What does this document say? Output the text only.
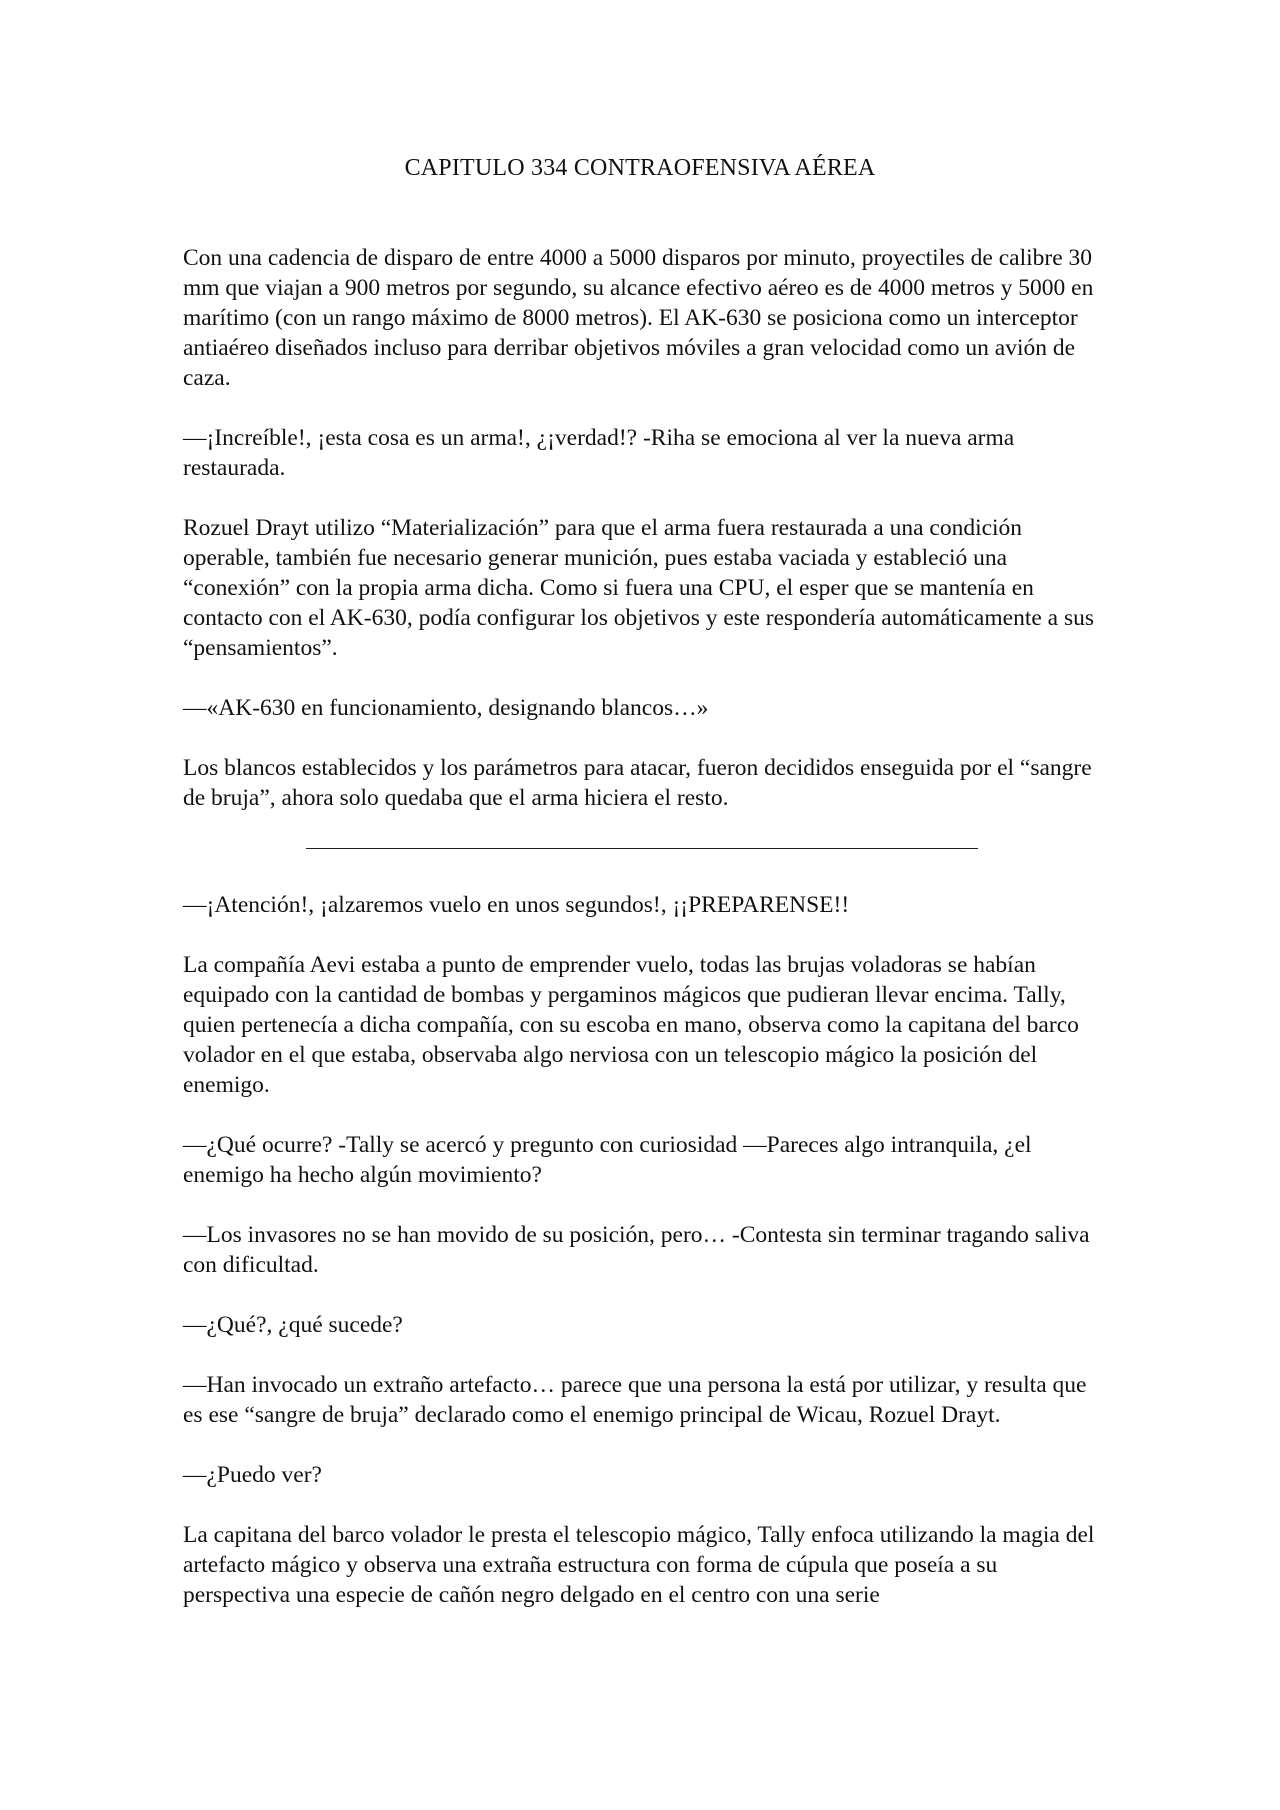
CAPITULO 334 CONTRAOFENSIVA AÉREA

Con una cadencia de disparo de entre 4000 a 5000 disparos por minuto, proyectiles de calibre 30 mm que viajan a 900 metros por segundo, su alcance efectivo aéreo es de 4000 metros y 5000 en marítimo (con un rango máximo de 8000 metros). El AK-630 se posiciona como un interceptor antiaéreo diseñados incluso para derribar objetivos móviles a gran velocidad como un avión de caza.

—¡Increíble!, ¡esta cosa es un arma!, ¿¡verdad!? -Riha se emociona al ver la nueva arma restaurada.

Rozuel Drayt utilizo “Materialización” para que el arma fuera restaurada a una condición operable, también fue necesario generar munición, pues estaba vaciada y estableció una “conexión” con la propia arma dicha. Como si fuera una CPU, el esper que se mantenía en contacto con el AK-630, podía configurar los objetivos y este respondería automáticamente a sus “pensamientos”.

—«AK-630 en funcionamiento, designando blancos…»

Los blancos establecidos y los parámetros para atacar, fueron decididos enseguida por el “sangre de bruja”, ahora solo quedaba que el arma hiciera el resto.

—¡Atención!, ¡alzaremos vuelo en unos segundos!, ¡¡PREPARENSE!!

La compañía Aevi estaba a punto de emprender vuelo, todas las brujas voladoras se habían equipado con la cantidad de bombas y pergaminos mágicos que pudieran llevar encima. Tally, quien pertenecía a dicha compañía, con su escoba en mano, observa como la capitana del barco volador en el que estaba, observaba algo nerviosa con un telescopio mágico la posición del enemigo.

—¿Qué ocurre? -Tally se acercó y pregunto con curiosidad —Pareces algo intranquila, ¿el enemigo ha hecho algún movimiento?

—Los invasores no se han movido de su posición, pero… -Contesta sin terminar tragando saliva con dificultad.

—¿Qué?, ¿qué sucede?

—Han invocado un extraño artefacto… parece que una persona la está por utilizar, y resulta que es ese “sangre de bruja” declarado como el enemigo principal de Wicau, Rozuel Drayt.

—¿Puedo ver?

La capitana del barco volador le presta el telescopio mágico, Tally enfoca utilizando la magia del artefacto mágico y observa una extraña estructura con forma de cúpula que poseía a su perspectiva una especie de cañón negro delgado en el centro con una serie
